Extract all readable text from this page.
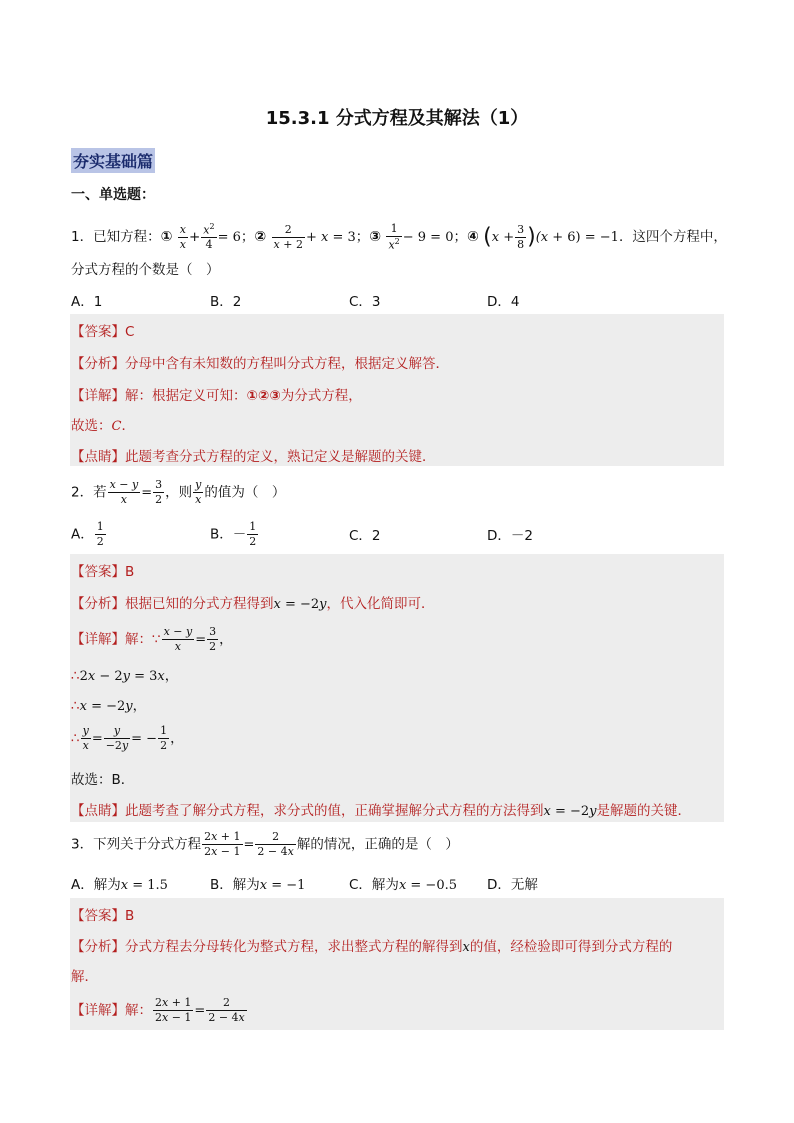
15.3.1 分式方程及其解法（1）
夯实基础篇
一、单选题：
1．已知方程：① $\frac{x}{x} + \frac{x^2}{4} = 6$；② $\frac{2}{x + 2} + x = 3$；③ $\frac{1}{x^2} - 9 = 0$；④ $(x + \frac{3}{8} )(x + 6) = -1$．这四个方程中，
分式方程的个数是（　）
A．1	B．2	C．3	D．4
【答案】C
【分析】分母中含有未知数的方程叫分式方程，根据定义解答．
【详解】解：根据定义可知：①②③为分式方程，
故选：C．
【点睛】此题考查分式方程的定义，熟记定义是解题的关键．
2．若 $\frac{x - y}{x} = \frac{3}{2}$ ，则 $\frac{y}{x}$ 的值为（　）
A． $\frac{1}{2}$	B．－ $\frac{1}{2}$	C．2	D．－2
【答案】B
【分析】根据已知的分式方程得到x = −2y，代入化简即可．
【详解】解：∵ $\frac{x - y}{x} = \frac{3}{2}$ ，
∴2x − 2y = 3x，
∴x = −2y，
∴ $\frac{y}{x} = \frac{y}{-2y}$ = − $\frac{1}{2}$ ，
故选：B．
【点睛】此题考查了解分式方程，求分式的值，正确掌握解分式方程的方法得到x = −2y是解题的关键．
3．下列关于分式方程 $\frac{2x + 1}{2x - 1} = \frac{2}{2 - 4x}$ 解的情况，正确的是（　）
A．解为x = 1.5	B．解为x = −1	C．解为x = −0.5 D．无解
【答案】B
【分析】分式方程去分母转化为整式方程，求出整式方程的解得到x的值，经检验即可得到分式方程的
解．
【详解】解： $\frac{2x + 1}{2x - 1} = \frac{2}{2 - 4x}$
